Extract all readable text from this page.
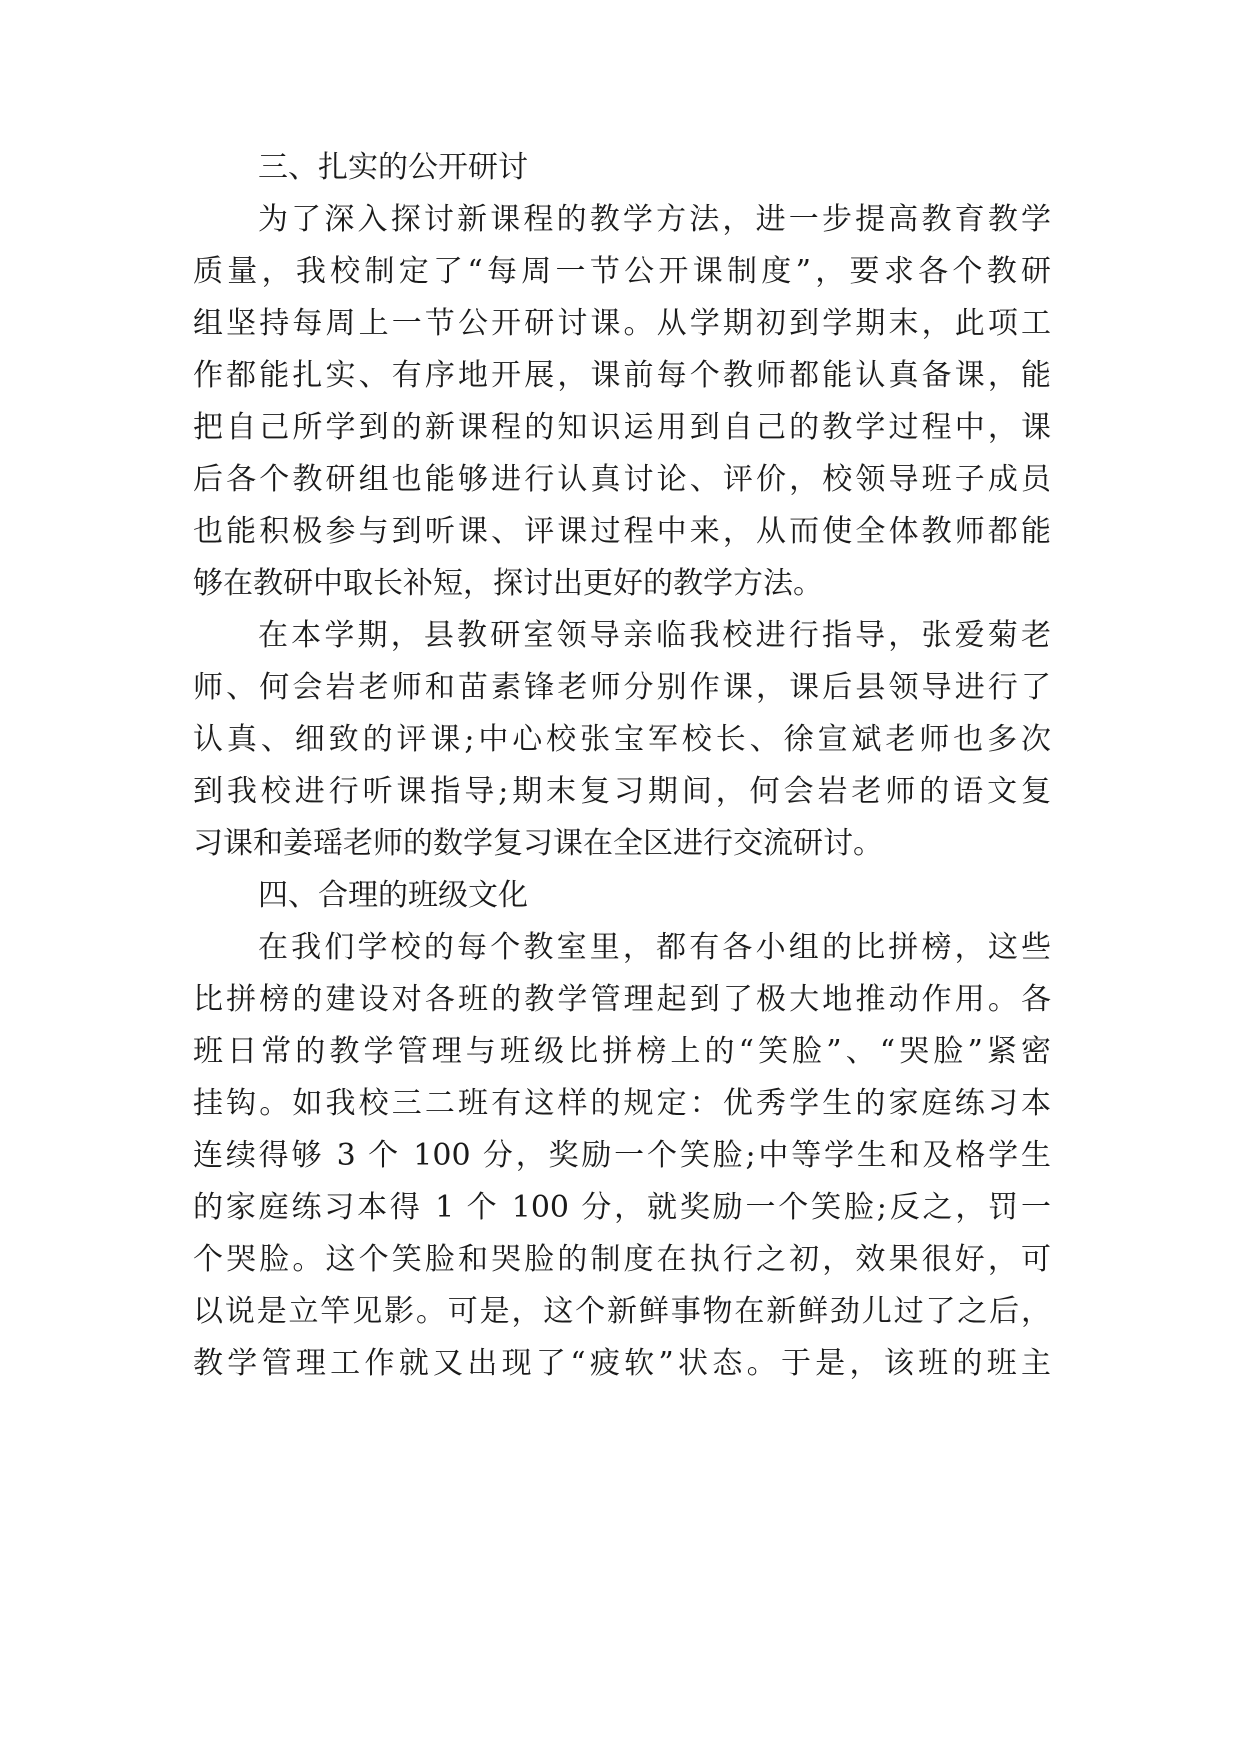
三、扎实的公开研讨
为了深入探讨新课程的教学方法，进一步提高教育教学
质量，我校制定了“每周一节公开课制度”，要求各个教研
组坚持每周上一节公开研讨课。从学期初到学期末，此项工
作都能扎实、有序地开展，课前每个教师都能认真备课，能
把自己所学到的新课程的知识运用到自己的教学过程中，课
后各个教研组也能够进行认真讨论、评价，校领导班子成员
也能积极参与到听课、评课过程中来，从而使全体教师都能
够在教研中取长补短，探讨出更好的教学方法。
在本学期，县教研室领导亲临我校进行指导，张爱菊老
师、何会岩老师和苗素锋老师分别作课，课后县领导进行了
认真、细致的评课;中心校张宝军校长、徐宣斌老师也多次
到我校进行听课指导;期末复习期间，何会岩老师的语文复
习课和姜瑶老师的数学复习课在全区进行交流研讨。
四、合理的班级文化
在我们学校的每个教室里，都有各小组的比拼榜，这些
比拼榜的建设对各班的教学管理起到了极大地推动作用。各
班日常的教学管理与班级比拼榜上的“笑脸”、“哭脸”紧密
挂钩。如我校三二班有这样的规定：优秀学生的家庭练习本
连续得够 3 个 100 分，奖励一个笑脸;中等学生和及格学生
的家庭练习本得 1 个 100 分，就奖励一个笑脸;反之，罚一
个哭脸。这个笑脸和哭脸的制度在执行之初，效果很好，可
以说是立竿见影。可是，这个新鲜事物在新鲜劲儿过了之后，
教学管理工作就又出现了“疲软”状态。于是，该班的班主
